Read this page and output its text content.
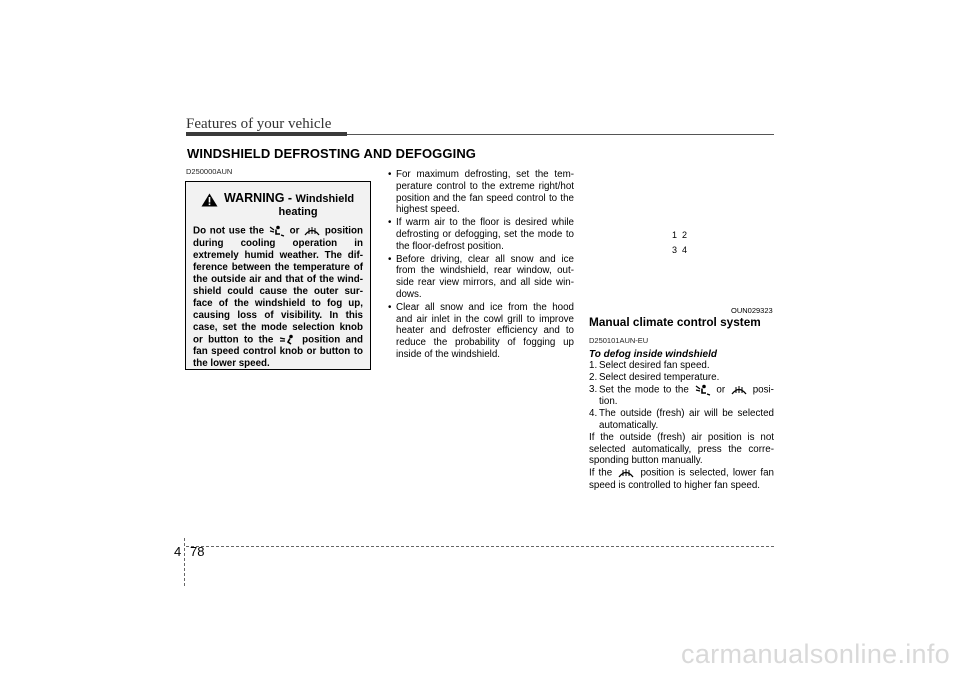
Features of your vehicle
WINDSHIELD DEFROSTING AND DEFOGGING
D250000AUN
WARNING - Windshield
heating
Do not use the	or	position during cooling operation in extremely humid weather. The dif-ference between the temperature of the outside air and that of the wind-shield could cause the outer sur-face of the windshield to fog up, causing loss of visibility. In this case, set the mode selection knob or button to the	position and fan speed control knob or button to the lower speed.
• For maximum defrosting, set the tem-perature control to the extreme right/hot position and the fan speed control to the highest speed.
• If warm air to the floor is desired while defrosting or defogging, set the mode to the floor-defrost position.
• Before driving, clear all snow and ice from the windshield, rear window, out-side rear view mirrors, and all side win-dows.
• Clear all snow and ice from the hood and air inlet in the cowl grill to improve heater and defroster efficiency and to reduce the probability of fogging up inside of the windshield.
1 2
3 4
OUN029323
Manual climate control system
D250101AUN-EU
To defog inside windshield
1. Select desired fan speed.
2. Select desired temperature.
3. Set the mode to the	or	posi-tion.
4. The outside (fresh) air will be selected automatically.

If the outside (fresh) air position is not selected automatically, press the corre-sponding button manually.

If the	position is selected, lower fan speed is controlled to higher fan speed.

4 78
carmanualsonline.info
